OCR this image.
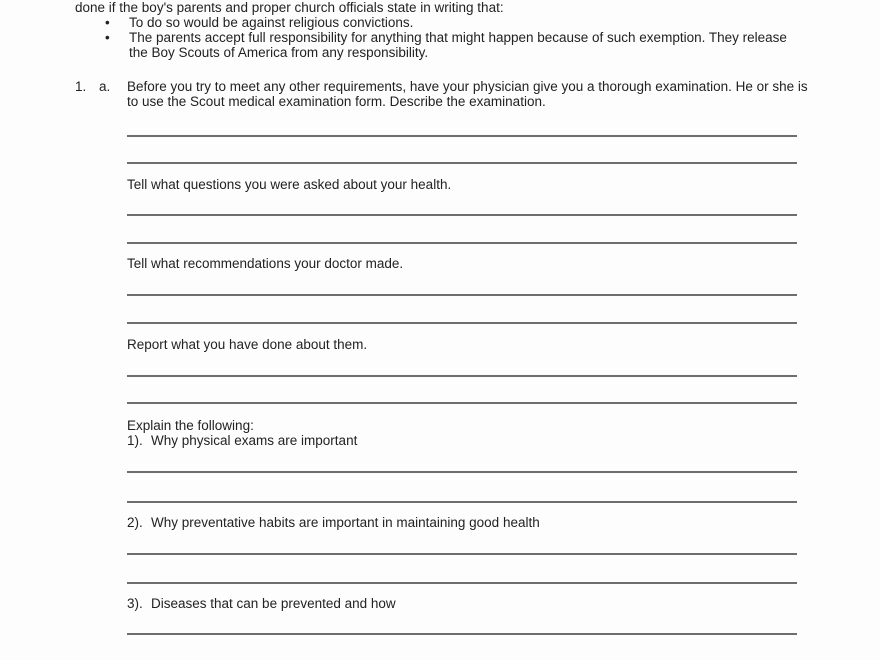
done if the boy's parents and proper church officials state in writing that:
• To do so would be against religious convictions.
• The parents accept full responsibility for anything that might happen because of such exemption. They release the Boy Scouts of America from any responsibility.
1. a. Before you try to meet any other requirements, have your physician give you a thorough examination. He or she is to use the Scout medical examination form. Describe the examination.
Tell what questions you were asked about your health.
Tell what recommendations your doctor made.
Report what you have done about them.
Explain the following:
1). Why physical exams are important
2). Why preventative habits are important in maintaining good health
3). Diseases that can be prevented and how
